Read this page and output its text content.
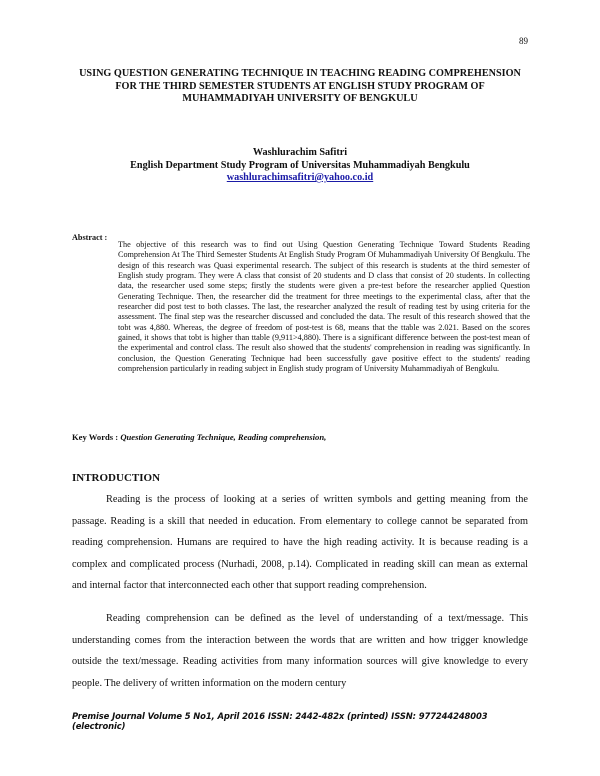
89
USING QUESTION GENERATING TECHNIQUE IN TEACHING READING COMPREHENSION FOR THE THIRD SEMESTER STUDENTS AT ENGLISH STUDY PROGRAM OF MUHAMMADIYAH UNIVERSITY OF BENGKULU
Washlurachim Safitri
English Department Study Program of Universitas Muhammadiyah Bengkulu
washlurachimsafitri@yahoo.co.id
Abstract :
The objective of this research was to find out Using Question Generating Technique Toward Students Reading Comprehension At The Third Semester Students At English Study Program Of Muhammadiyah University Of Bengkulu. The design of this research was Quasi experimental research. The subject of this research is students at the third semester of English study program. They were A class that consist of 20 students and D class that consist of 20 students. In collecting data, the researcher used some steps; firstly the students were given a pre-test before the researcher applied Question Generating Technique. Then, the researcher did the treatment for three meetings to the experimental class, after that the researcher did post test to both classes. The last, the researcher analyzed the result of reading test by using criteria for the assessment. The final step was the researcher discussed and concluded the data. The result of this research showed that the tobt was 4,880. Whereas, the degree of freedom of post-test is 68, means that the ttable was 2.021. Based on the scores gained, it shows that tobt is higher than ttable (9,911>4,880). There is a significant difference between the post-test mean of the experimental and control class. The result also showed that the students' comprehension in reading was significantly. In conclusion, the Question Generating Technique had been successfully gave positive effect to the students' reading comprehension particularly in reading subject in English study program of University Muhammadiyah of Bengkulu.
Key Words : Question Generating Technique, Reading comprehension,
INTRODUCTION
Reading is the process of looking at a series of written symbols and getting meaning from the passage. Reading is a skill that needed in education. From elementary to college cannot be separated from reading comprehension. Humans are required to have the high reading activity. It is because reading is a complex and complicated process (Nurhadi, 2008, p.14). Complicated in reading skill can mean as external and internal factor that interconnected each other that support reading comprehension.
Reading comprehension can be defined as the level of understanding of a text/message. This understanding comes from the interaction between the words that are written and how trigger knowledge outside the text/message. Reading activities from many information sources will give knowledge to every people. The delivery of written information on the modern century
Premise Journal Volume 5 No1, April 2016 ISSN: 2442-482x (printed) ISSN: 977244248003 (electronic)
